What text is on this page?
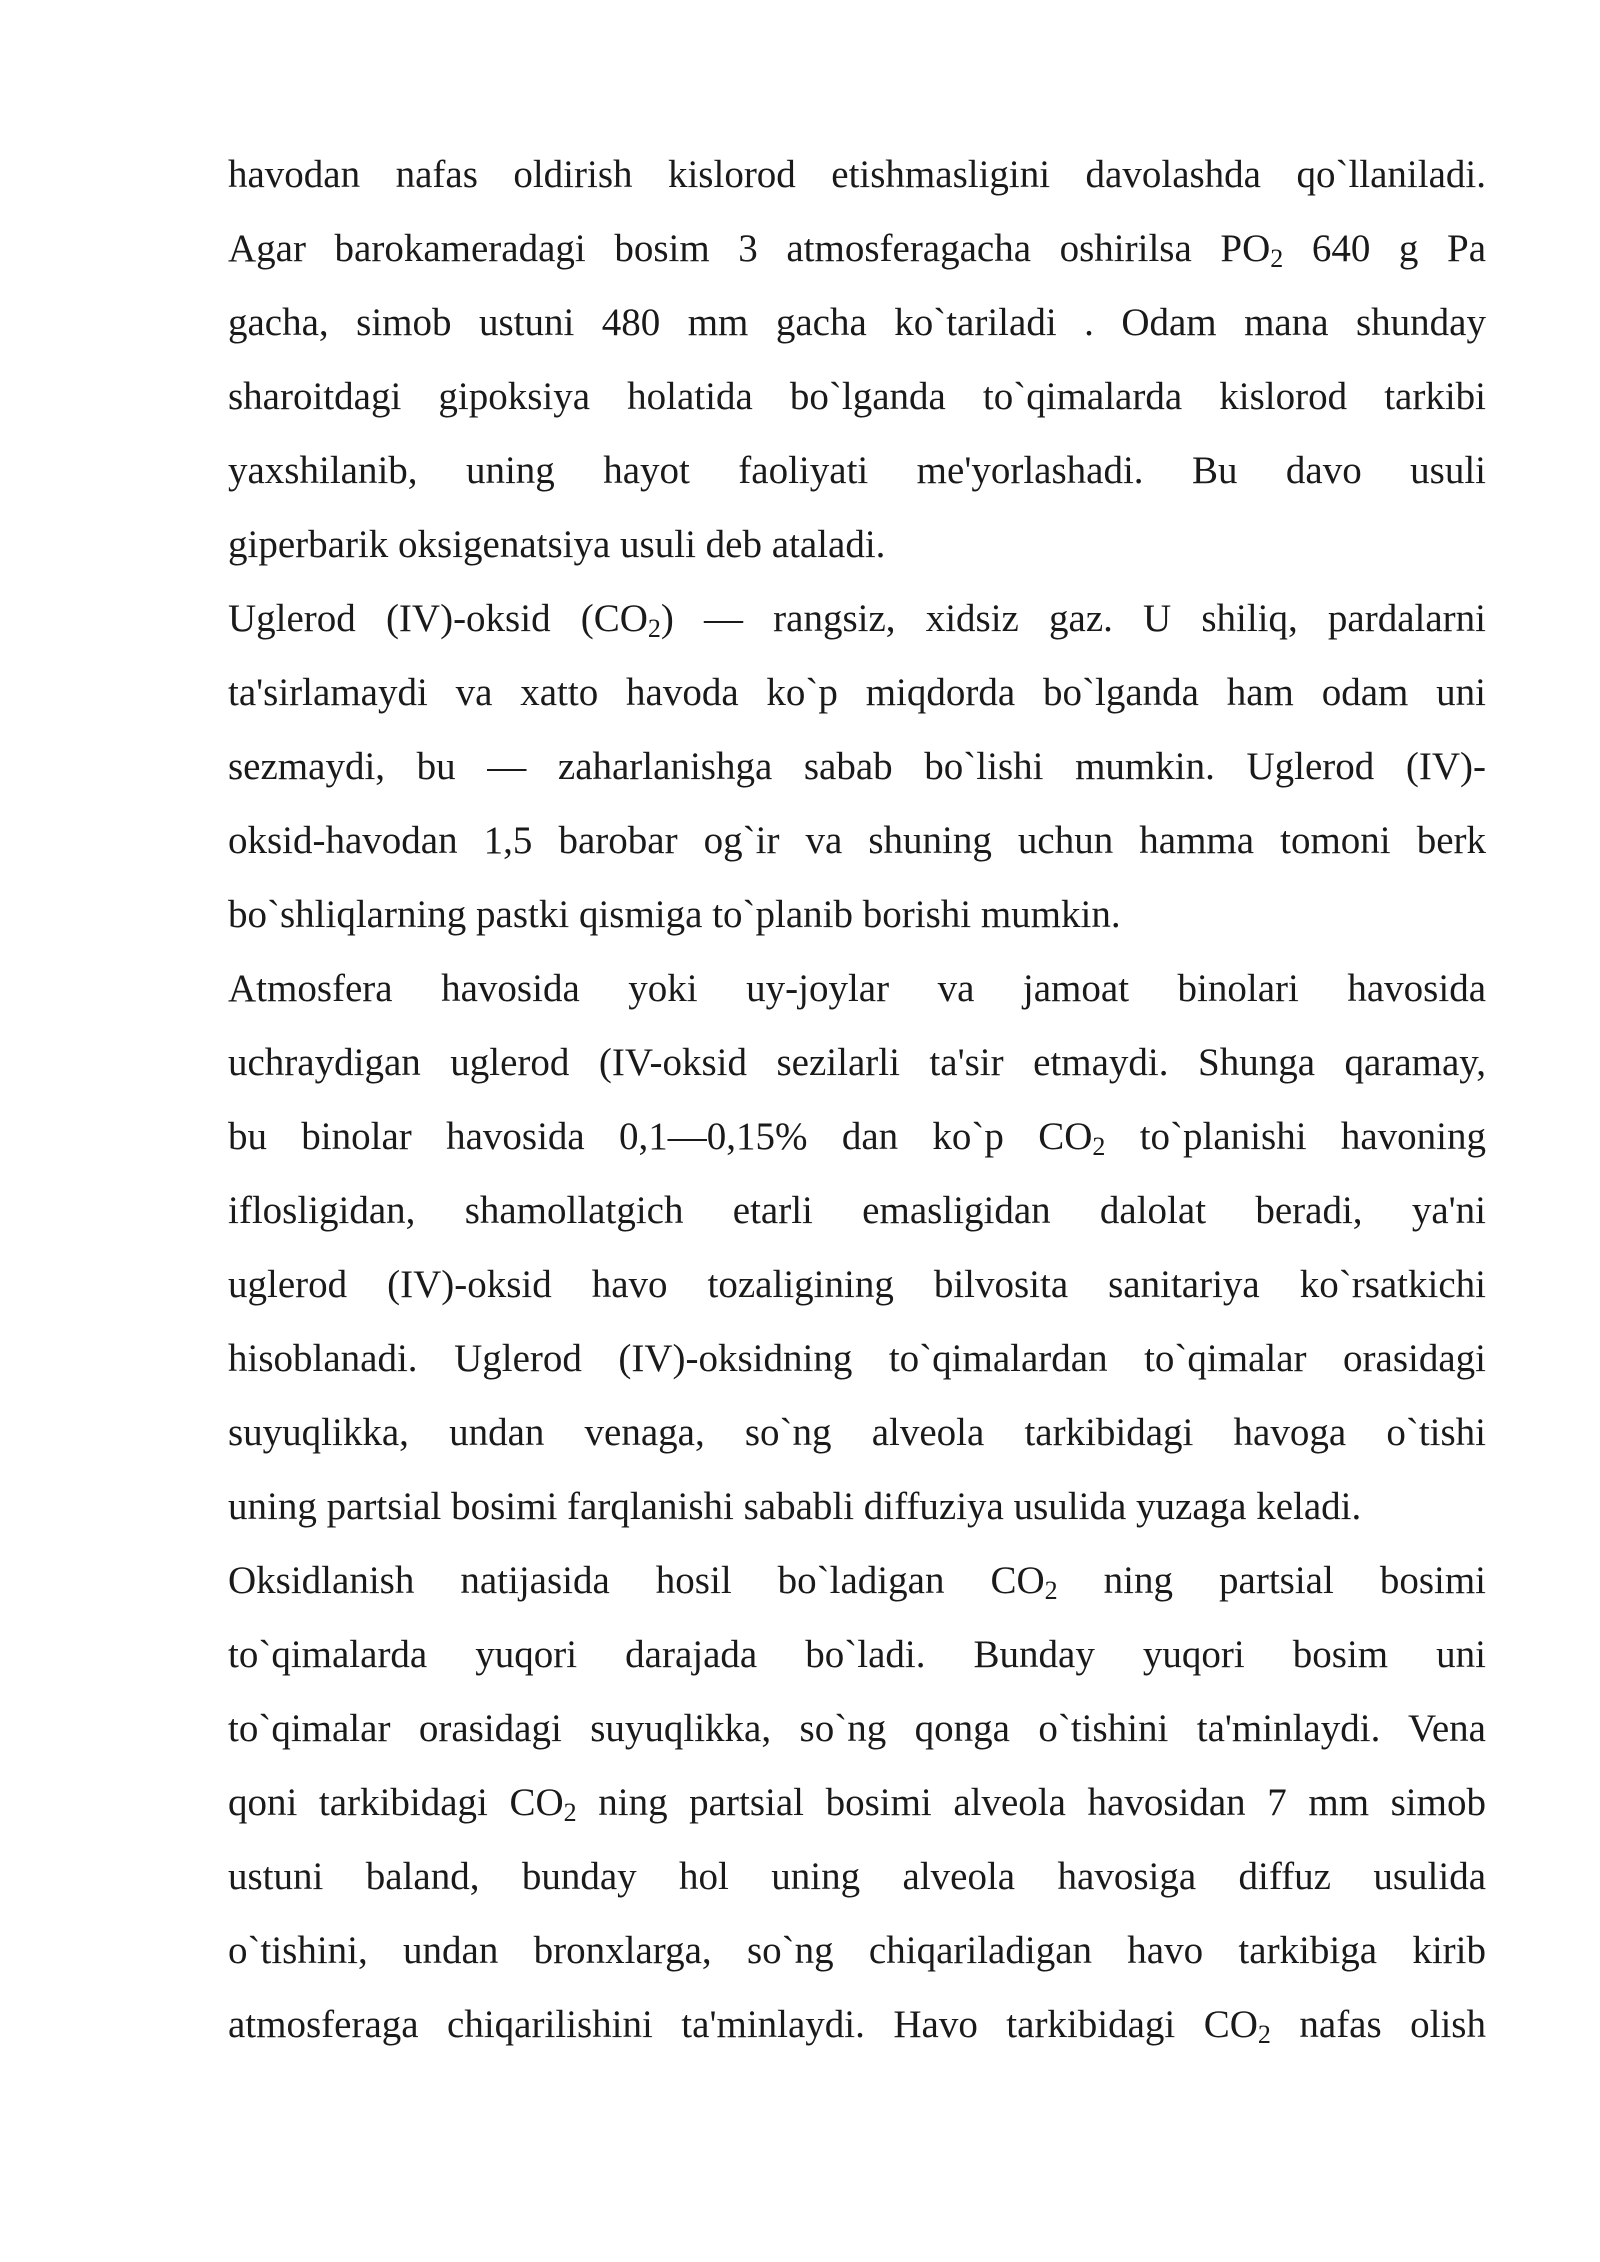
havodan nafas oldirish kislorod etishmasligini davolashda qo`llaniladi.
Agar barokameradagi bosim 3 atmosferagacha oshirilsa $PO_2$ 640 g Pa
gacha, simob ustuni 480 mm gacha ko`tariladi . Odam mana shunday
sharoitdagi gipoksiya holatida bo`lganda to`qimalarda kislorod tarkibi
yaxshilanib, uning hayot faoliyati me'yorlashadi. Bu davo usuli
giperbarik oksigenatsiya usuli deb ataladi.
Uglerod (IV)-oksid $(CO_2)$ — rangsiz, xidsiz gaz. U shiliq, pardalarni
ta'sirlamaydi va xatto havoda ko`p miqdorda bo`lganda ham odam uni
sezmaydi, bu — zaharlanishga sabab bo`lishi mumkin. Uglerod (IV)-
oksid-havodan 1,5 barobar og`ir va shuning uchun hamma tomoni berk
bo`shliqlarning pastki qismiga to`planib borishi mumkin.
Atmosfera havosida yoki uy-joylar va jamoat binolari havosida
uchraydigan uglerod (IV-oksid sezilarli ta'sir etmaydi. Shunga qaramay,
bu binolar havosida 0,1—0,15% dan ko`p $CO_2$ to`planishi havoning
iflosligidan, shamollatgich etarli emasligidan dalolat beradi, ya'ni
uglerod (IV)-oksid havo tozaligining bilvosita sanitariya ko`rsatkichi
hisoblanadi. Uglerod (IV)-oksidning to`qimalardan to`qimalar orasidagi
suyuqlikka, undan venaga, so`ng alveola tarkibidagi havoga o`tishi
uning partsial bosimi farqlanishi sababli diffuziya usulida yuzaga keladi.
Oksidlanish natijasida hosil bo`ladigan $CO_2$ ning partsial bosimi
to`qimalarda yuqori darajada bo`ladi. Bunday yuqori bosim uni
to`qimalar orasidagi suyuqlikka, so`ng qonga o`tishini ta'minlaydi. Vena
qoni tarkibidagi $CO_2$ ning partsial bosimi alveola havosidan 7 mm simob
ustuni baland, bunday hol uning alveola havosiga diffuz usulida
o`tishini, undan bronxlarga, so`ng chiqariladigan havo tarkibiga kirib
atmosferaga chiqarilishini ta'minlaydi. Havo tarkibidagi $CO_2$ nafas olish
